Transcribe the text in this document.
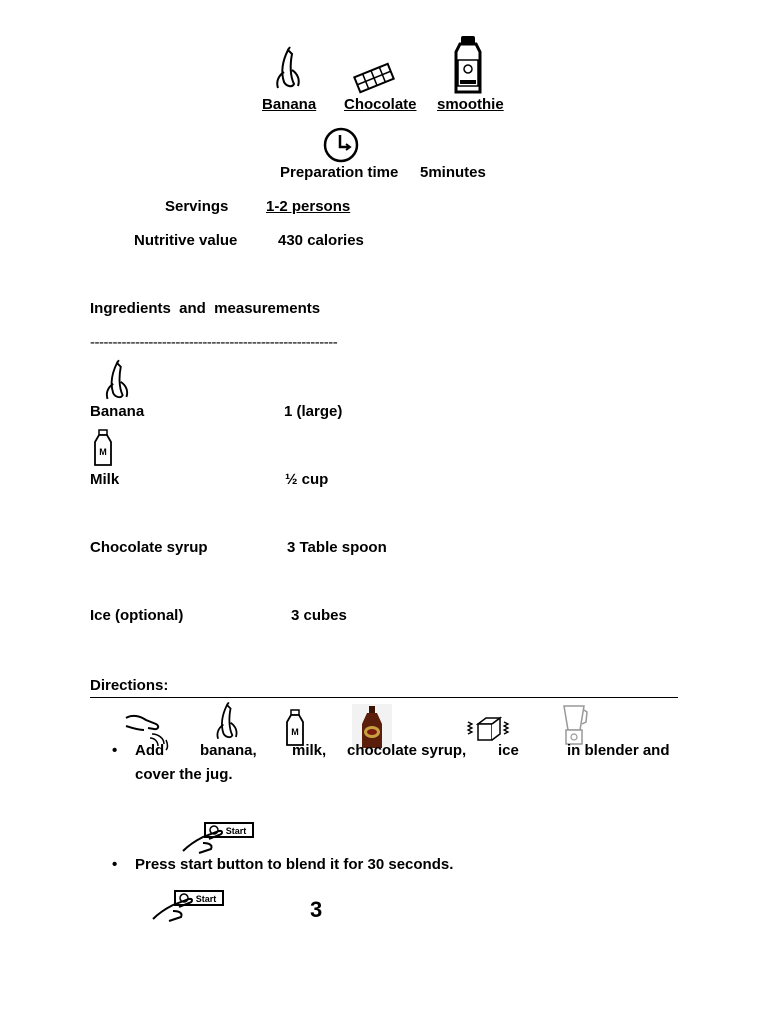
Banana Chocolate	smoothie
Preparation time 5minutes
Servings	1-2 persons
Nutritive value	430 calories
Ingredients  and  measurements
-------------------------------------------------------
Banana	1 (large)
M
Milk	½ cup
Chocolate syrup	3 Table spoon
Ice (optional)	3 cubes
Directions:
M
• Add banana, milk, chocolate syrup, ice	in blender and
cover the jug.
Start
• Press start button to blend it for 30 seconds.
Start	3
